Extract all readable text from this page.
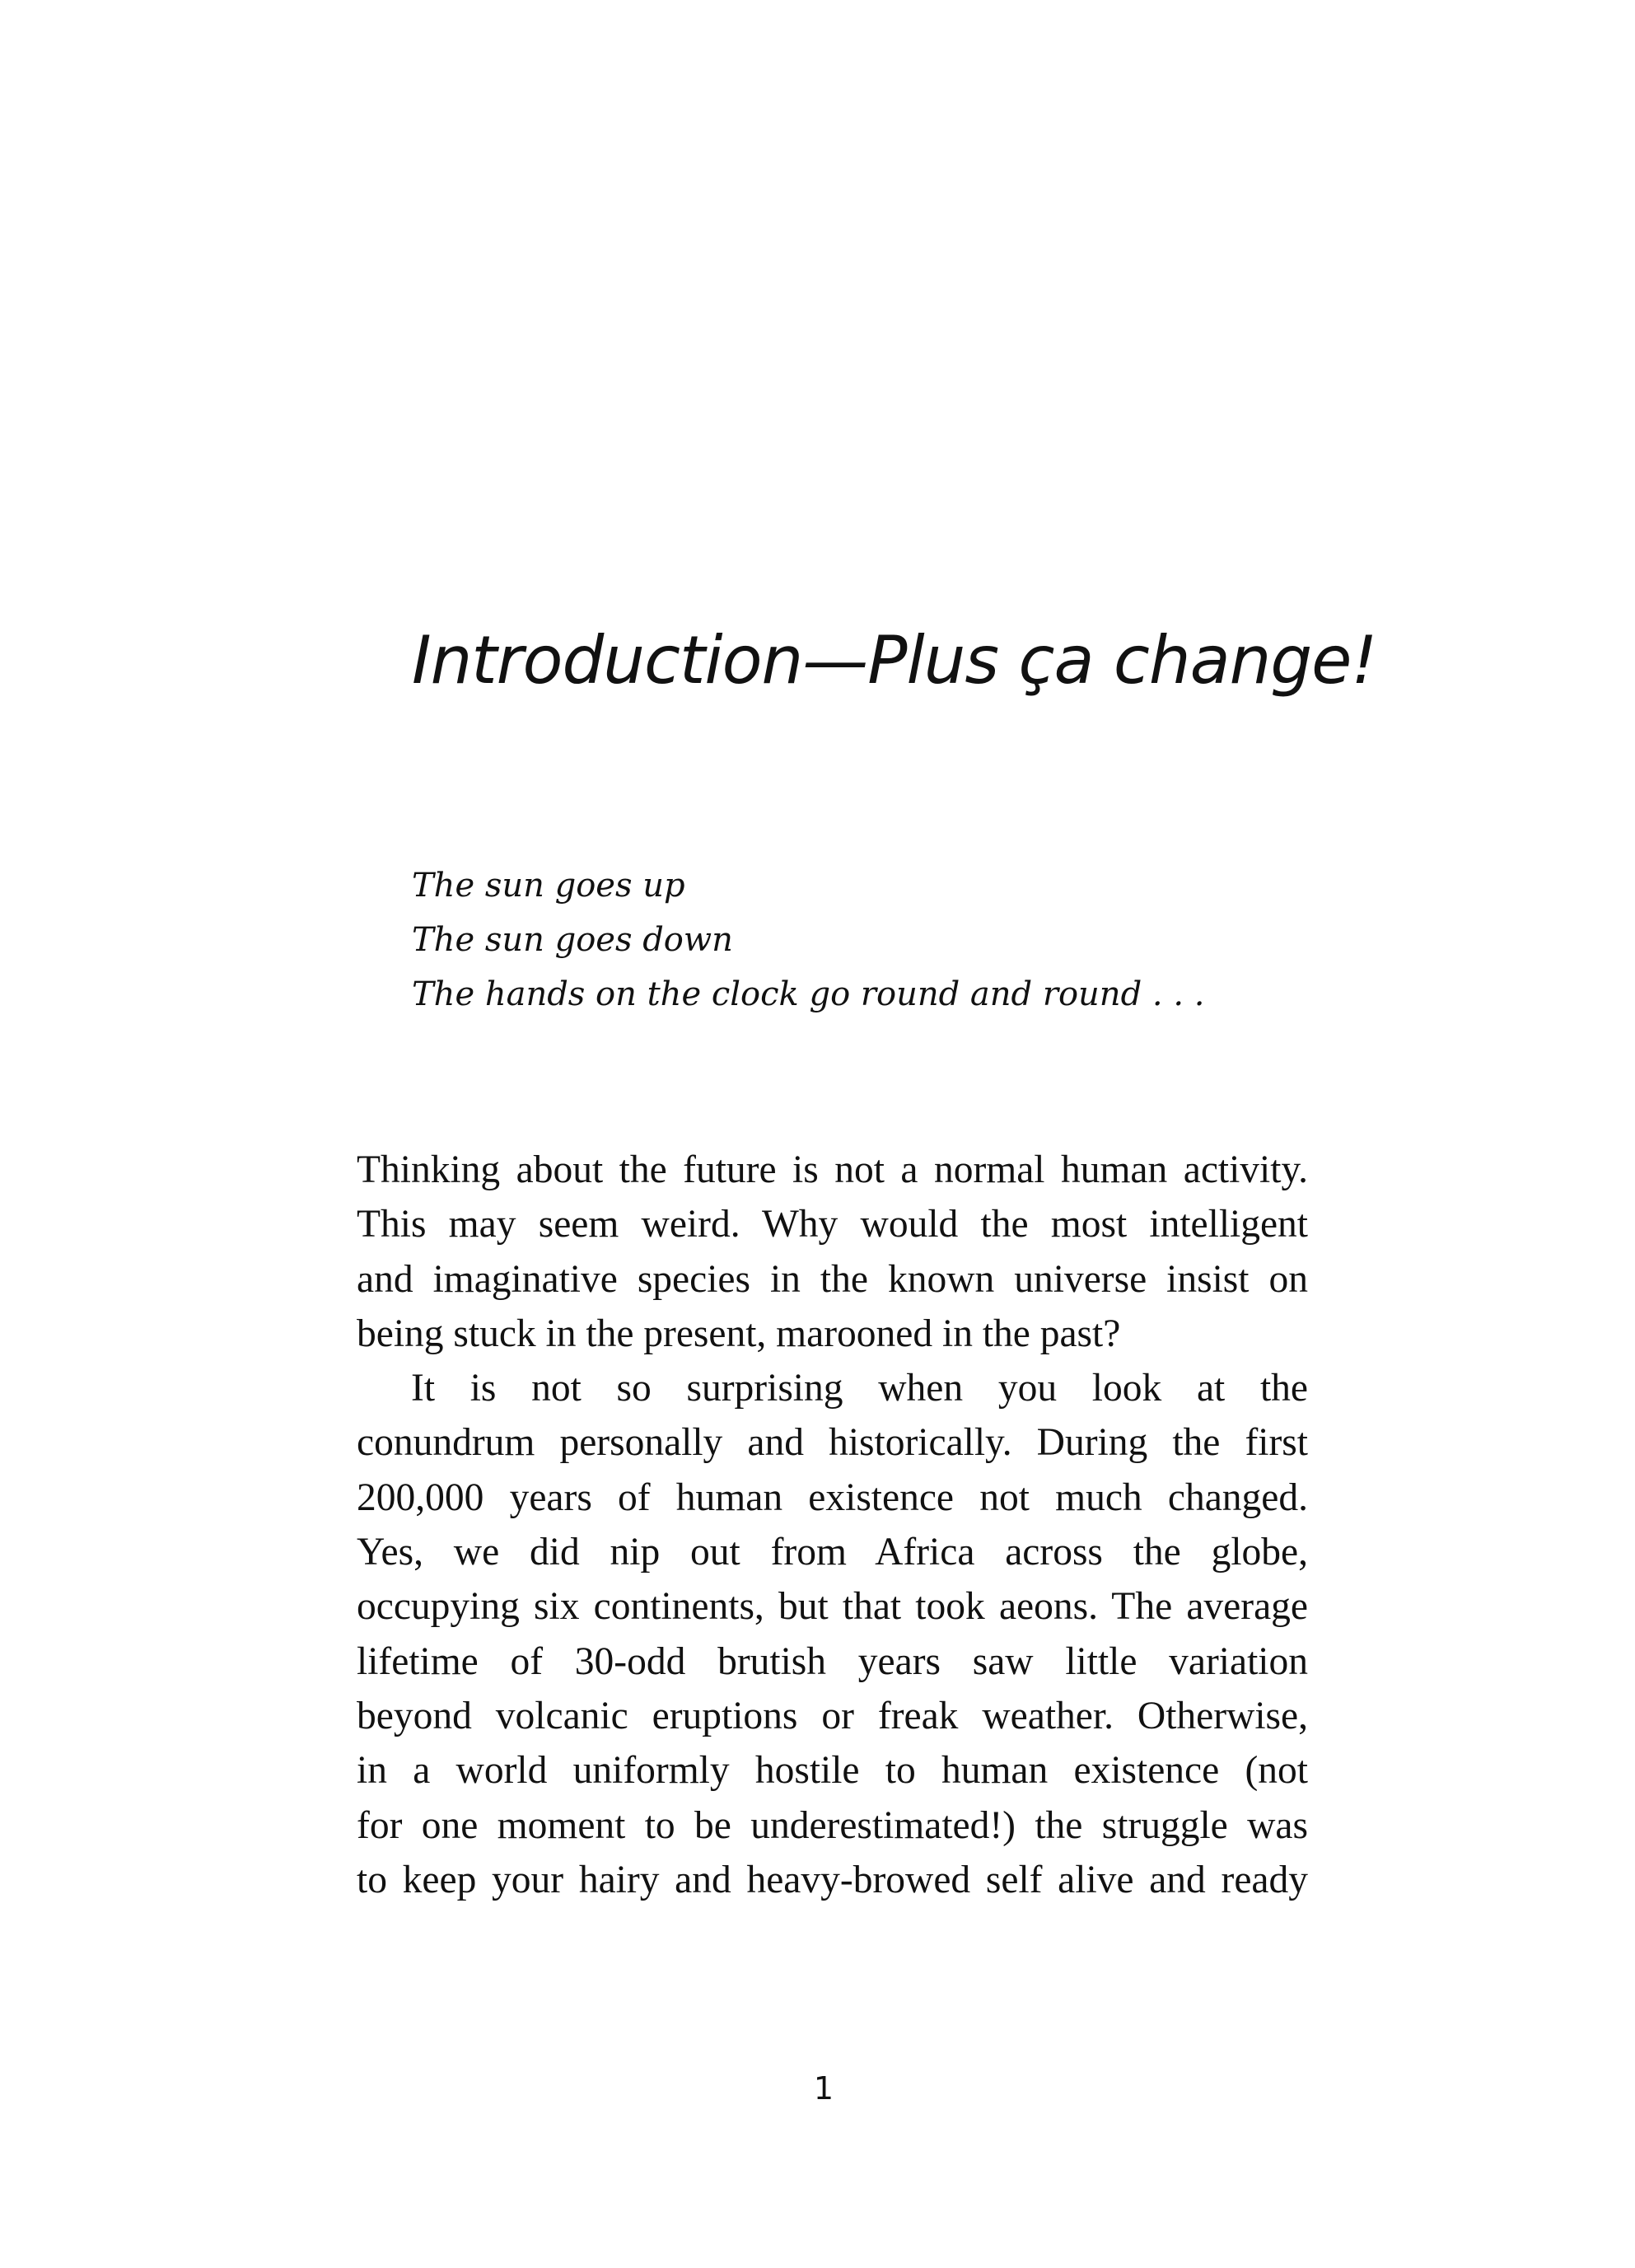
Introduction—Plus ça change!
The sun goes up
The sun goes down
The hands on the clock go round and round . . .
Thinking about the future is not a normal human activity.
This may seem weird. Why would the most intelligent
and imaginative species in the known universe insist on
being stuck in the present, marooned in the past?
It is not so surprising when you look at the
conundrum personally and historically. During the first
200,000 years of human existence not much changed.
Yes, we did nip out from Africa across the globe,
occupying six continents, but that took aeons. The average
lifetime of 30-odd brutish years saw little variation
beyond volcanic eruptions or freak weather. Otherwise,
in a world uniformly hostile to human existence (not
for one moment to be underestimated!) the struggle was
to keep your hairy and heavy-browed self alive and ready
1
